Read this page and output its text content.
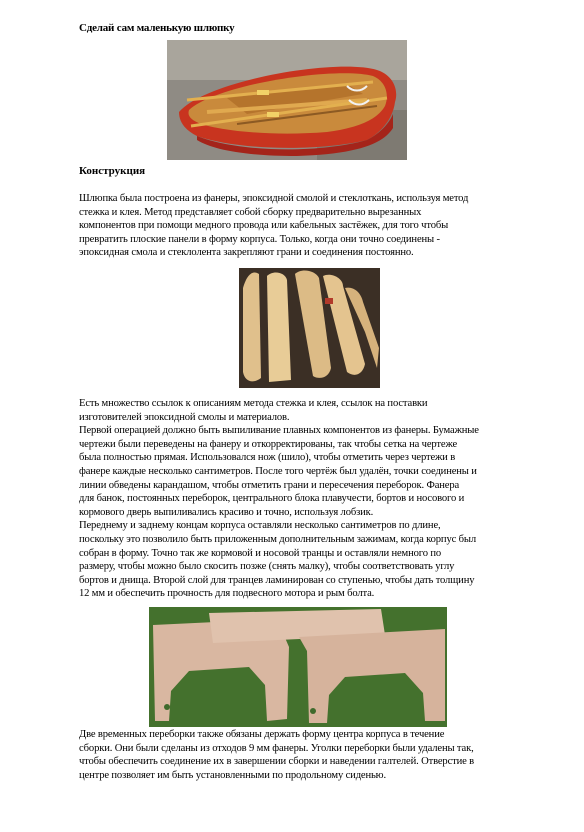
Сделай сам маленькую шлюпку
Конструкция
Шлюпка была построена из фанеры, эпоксидной смолой и стеклоткань, используя метод
стежка и клея. Метод представляет собой сборку предварительно вырезанных
компонентов при помощи медного провода или кабельных застёжек, для того чтобы
превратить плоские панели в форму корпуса. Только, когда они точно соединены -
эпоксидная смола и стеклолента закрепляют грани и соединения постоянно.
Есть множество ссылок к описаниям метода стежка и клея, ссылок на поставки
изготовителей эпоксидной смолы и материалов.
Первой операцией должно быть выпиливание плавных компонентов из фанеры. Бумажные
чертежи были переведены на фанеру и откорректированы, так чтобы сетка на чертеже
была полностью прямая. Использовался нож (шило), чтобы отметить через чертежи в
фанере каждые несколько сантиметров. После того чертёж был удалён, точки соединены и
линии обведены карандашом, чтобы отметить грани и пересечения переборок. Фанера
для банок, постоянных переборок, центрального блока плавучести, бортов и носового и
кормового дверь выпиливались красиво и точно, используя лобзик.
Переднему и заднему концам корпуса оставляли несколько сантиметров по длине,
поскольку это позволило быть приложенным дополнительным зажимам, когда корпус был
собран в форму. Точно так же кормовой и носовой транцы и оставляли немного по
размеру, чтобы можно было скосить позже (снять малку), чтобы соответствовать углу
бортов и днища. Второй слой для транцев ламинирован со ступенью, чтобы дать толщину
12 мм и обеспечить прочность для подвесного мотора и рым болта.
Две временных переборки также обязаны держать форму центра корпуса в течение
сборки. Они были сделаны из отходов 9 мм фанеры. Уголки переборки были удалены так,
чтобы обеспечить соединение их в завершении сборки и наведении галтелей. Отверстие в
центре позволяет им быть установленными по продольному сиденью.
